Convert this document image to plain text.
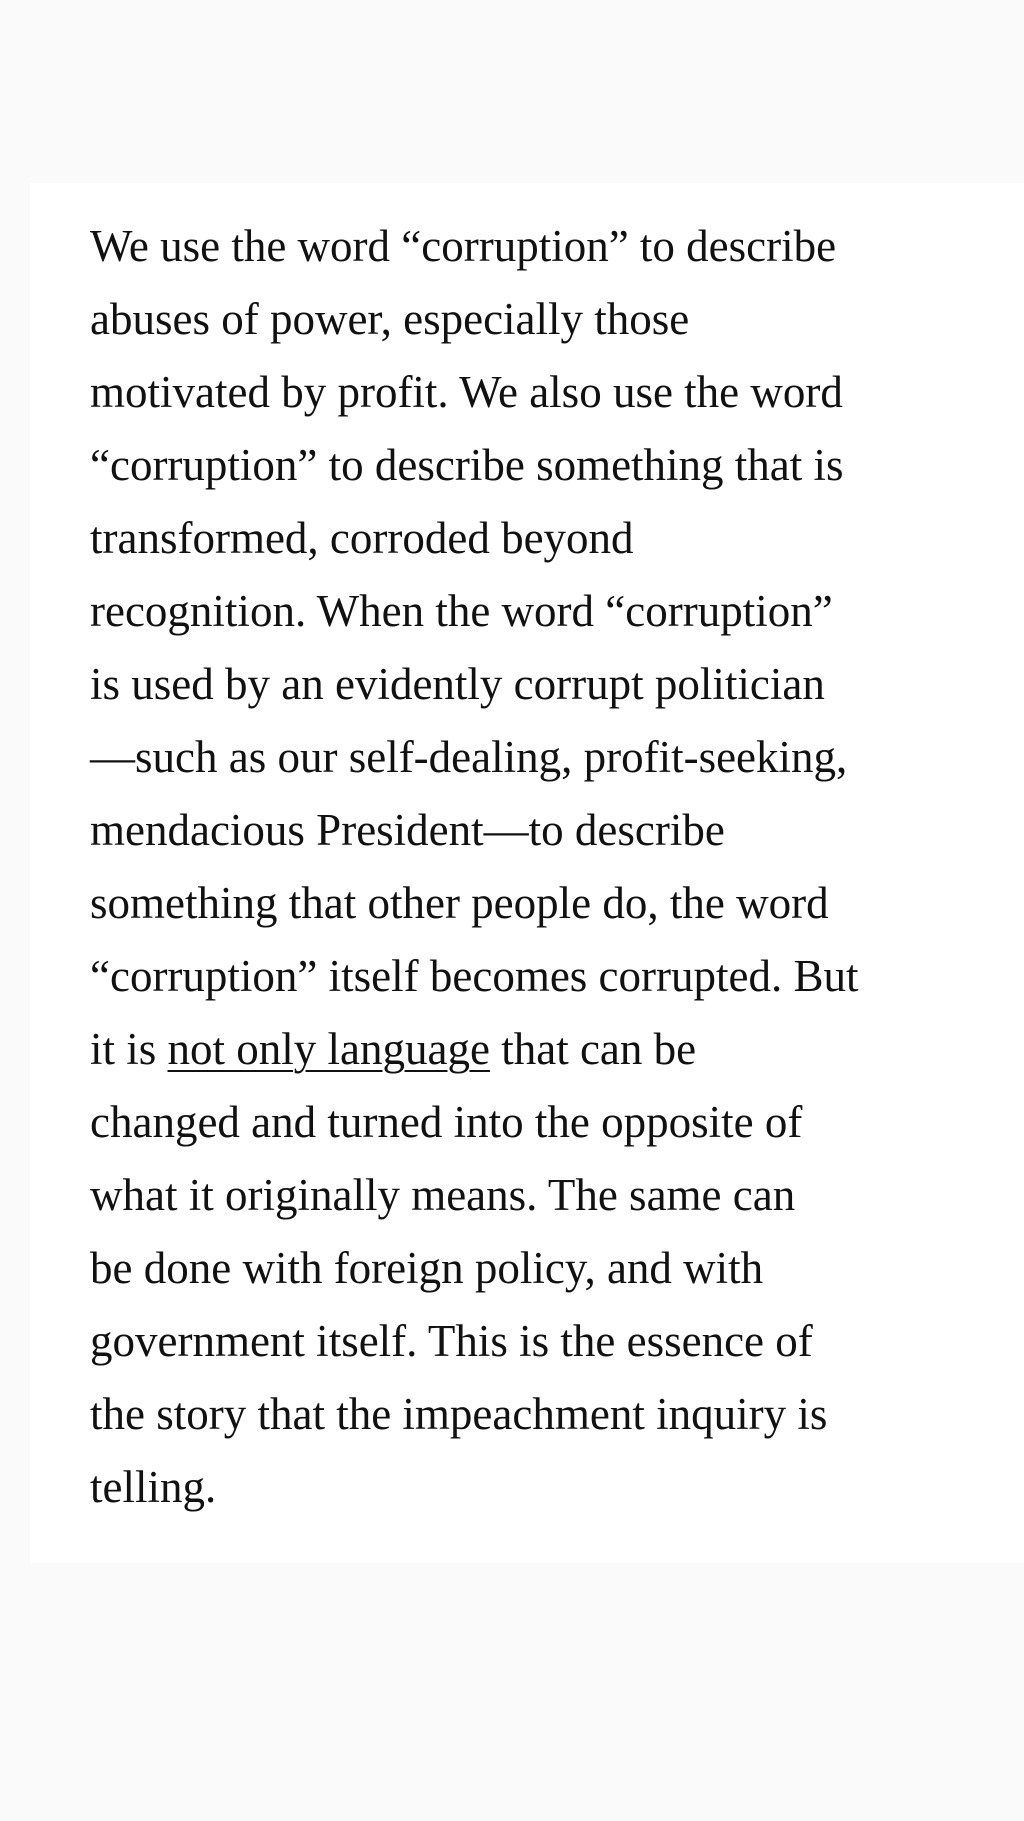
We use the word “corruption” to describe
abuses of power, especially those
motivated by profit. We also use the word
“corruption” to describe something that is
transformed, corroded beyond
recognition. When the word “corruption”
is used by an evidently corrupt politician
—such as our self-dealing, profit-seeking,
mendacious President—to describe
something that other people do, the word
“corruption” itself becomes corrupted. But
it is not only language that can be
changed and turned into the opposite of
what it originally means. The same can
be done with foreign policy, and with
government itself. This is the essence of
the story that the impeachment inquiry is
telling.
